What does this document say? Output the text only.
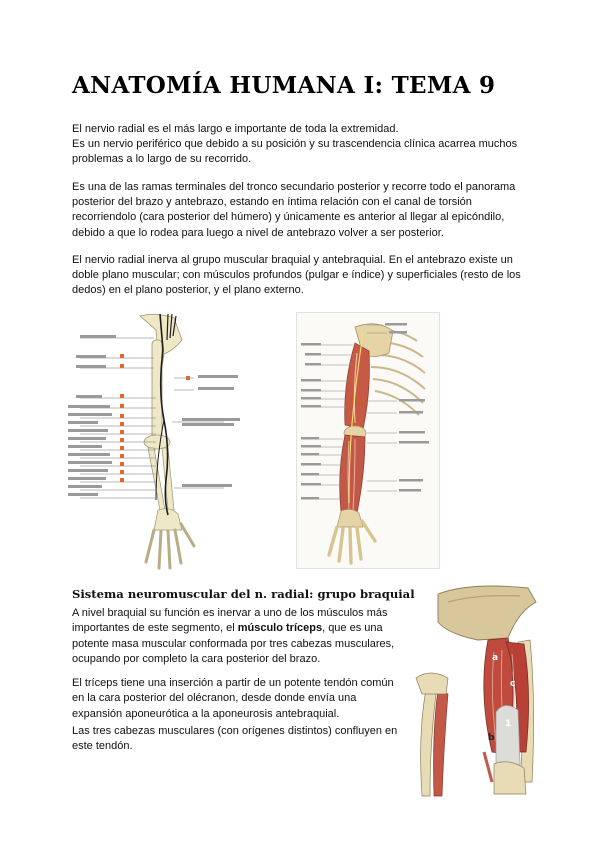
ANATOMÍA HUMANA I: TEMA 9

El nervio radial es el más largo e importante de toda la extremidad.

Es un nervio periférico que debido a su posición y su trascendencia clínica acarrea muchos

problemas a lo largo de su recorrido.

Es una de las ramas terminales del tronco secundario posterior y recorre todo el panorama

posterior del brazo y antebrazo, estando en íntima relación con el canal de torsión

recorriendolo (cara posterior del húmero) y únicamente es anterior al llegar al epicóndilo,

debido a que lo rodea para luego a nivel de antebrazo volver a ser posterior.

El nervio radial inerva al grupo muscular braquial y antebraquial. En el antebrazo existe un

doble plano muscular; con músculos profundos (pulgar e índice) y superficiales (resto de los

dedos) en el plano posterior, y el plano externo.

Sistema neuromuscular del n. radial: grupo braquial

A nivel braquial su función es inervar a uno de los músculos más importantes de este segmento, el músculo tríceps, que es una potente masa muscular conformada por tres cabezas musculares, ocupando por completo la cara posterior del brazo.

El tríceps tiene una inserción a partir de un potente tendón común en la cara posterior del olécranon, desde donde envía una expansión aponeurótica a la aponeurosis antebraquial.

Las tres cabezas musculares (con orígenes distintos) confluyen en este tendón.

a
c
1
b
